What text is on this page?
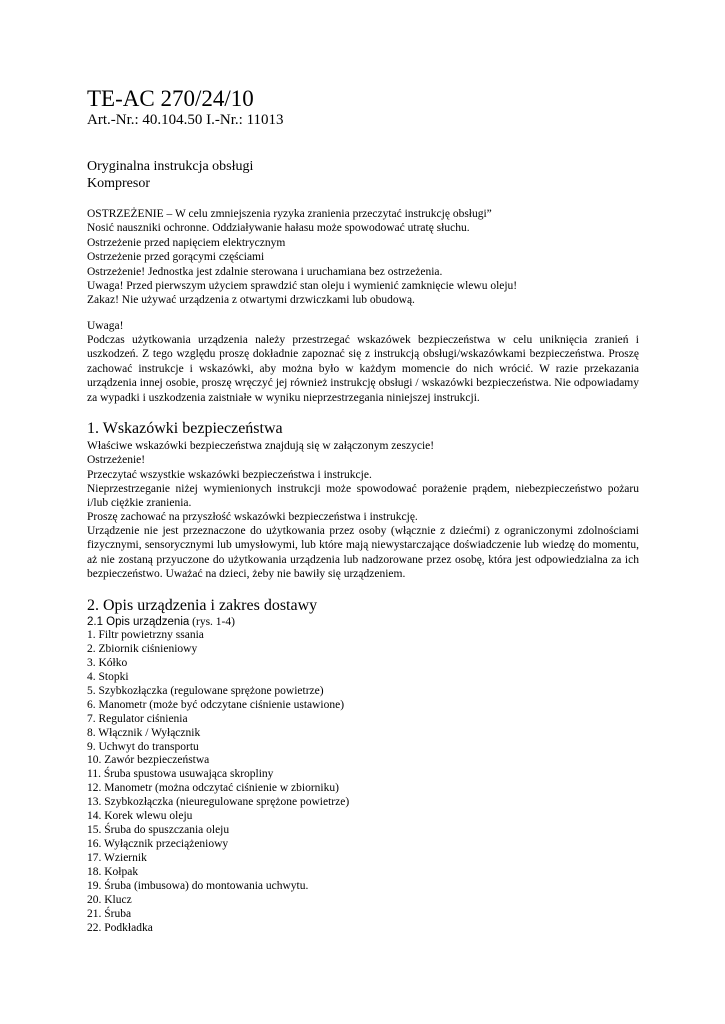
TE-AC 270/24/10
Art.-Nr.: 40.104.50 I.-Nr.: 11013
Oryginalna instrukcja obsługi
Kompresor
OSTRZEŻENIE – W celu zmniejszenia ryzyka zranienia przeczytać instrukcję obsługi”
Nosić nauszniki ochronne. Oddziaływanie hałasu może spowodować utratę słuchu.
Ostrzeżenie przed napięciem elektrycznym
Ostrzeżenie przed gorącymi częściami
Ostrzeżenie! Jednostka jest zdalnie sterowana i uruchamiana bez ostrzeżenia.
Uwaga! Przed pierwszym użyciem sprawdzić stan oleju i wymienić zamknięcie wlewu oleju!
Zakaz! Nie używać urządzenia z otwartymi drzwiczkami lub obudową.
Uwaga!
Podczas użytkowania urządzenia należy przestrzegać wskazówek bezpieczeństwa w celu uniknięcia zranień i uszkodzeń. Z tego względu proszę dokładnie zapoznać się z instrukcją obsługi/wskazówkami bezpieczeństwa. Proszę zachować instrukcje i wskazówki, aby można było w każdym momencie do nich wrócić. W razie przekazania urządzenia innej osobie, proszę wręczyć jej również instrukcję obsługi / wskazówki bezpieczeństwa. Nie odpowiadamy za wypadki i uszkodzenia zaistniałe w wyniku nieprzestrzegania niniejszej instrukcji.
1. Wskazówki bezpieczeństwa
Właściwe wskazówki bezpieczeństwa znajdują się w załączonym zeszycie!
Ostrzeżenie!
Przeczytać wszystkie wskazówki bezpieczeństwa i instrukcje.
Nieprzestrzeganie niżej wymienionych instrukcji może spowodować porażenie prądem, niebezpieczeństwo pożaru i/lub ciężkie zranienia.
Proszę zachować na przyszłość wskazówki bezpieczeństwa i instrukcję.
Urządzenie nie jest przeznaczone do użytkowania przez osoby (włącznie z dziećmi) z ograniczonymi zdolnościami fizycznymi, sensorycznymi lub umysłowymi, lub które mają niewystarczające doświadczenie lub wiedzę do momentu, aż nie zostaną przyuczone do użytkowania urządzenia lub nadzorowane przez osobę, która jest odpowiedzialna za ich bezpieczeństwo. Uważać na dzieci, żeby nie bawiły się urządzeniem.
2. Opis urządzenia i zakres dostawy
2.1 Opis urządzenia (rys. 1-4)
1. Filtr powietrzny ssania
2. Zbiornik ciśnieniowy
3. Kółko
4. Stopki
5. Szybkozłączka (regulowane sprężone powietrze)
6. Manometr (może być odczytane ciśnienie ustawione)
7. Regulator ciśnienia
8. Włącznik / Wyłącznik
9. Uchwyt do transportu
10. Zawór bezpieczeństwa
11. Śruba spustowa usuwająca skropliny
12. Manometr (można odczytać ciśnienie w zbiorniku)
13. Szybkozłączka (nieuregulowane sprężone powietrze)
14. Korek wlewu oleju
15. Śruba do spuszczania oleju
16. Wyłącznik przeciążeniowy
17. Wziernik
18. Kołpak
19. Śruba (imbusowa) do montowania uchwytu.
20. Klucz
21. Śruba
22. Podkładka
